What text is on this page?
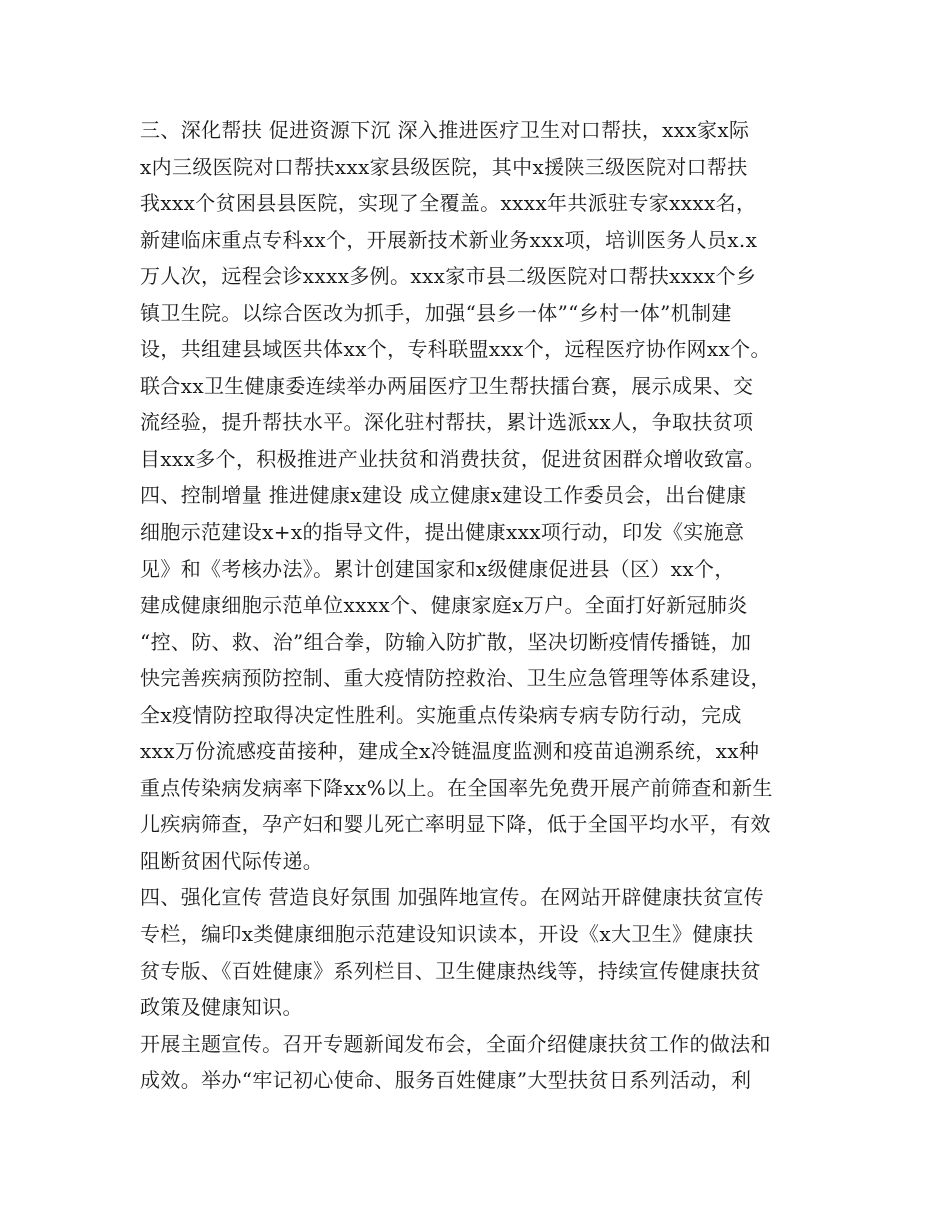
三、深化帮扶 促进资源下沉 深入推进医疗卫生对口帮扶，xxx家x际
x内三级医院对口帮扶xxx家县级医院，其中x援陕三级医院对口帮扶
我xxx个贫困县县医院，实现了全覆盖。xxxx年共派驻专家xxxx名，
新建临床重点专科xx个，开展新技术新业务xxx项，培训医务人员x.x
万人次，远程会诊xxxx多例。xxx家市县二级医院对口帮扶xxxx个乡
镇卫生院。以综合医改为抓手，加强“县乡一体”“乡村一体”机制建
设，共组建县域医共体xx个，专科联盟xxx个，远程医疗协作网xx个。
联合xx卫生健康委连续举办两届医疗卫生帮扶擂台赛，展示成果、交
流经验，提升帮扶水平。深化驻村帮扶，累计选派xx人，争取扶贫项
目xxx多个，积极推进产业扶贫和消费扶贫，促进贫困群众增收致富。
四、控制增量 推进健康x建设 成立健康x建设工作委员会，出台健康
细胞示范建设x+x的指导文件，提出健康xxx项行动，印发《实施意
见》和《考核办法》。累计创建国家和x级健康促进县（区）xx个，
建成健康细胞示范单位xxxx个、健康家庭x万户。全面打好新冠肺炎
“控、防、救、治”组合拳，防输入防扩散，坚决切断疫情传播链，加
快完善疾病预防控制、重大疫情防控救治、卫生应急管理等体系建设，
全x疫情防控取得决定性胜利。实施重点传染病专病专防行动，完成
xxx万份流感疫苗接种，建成全x冷链温度监测和疫苗追溯系统，xx种
重点传染病发病率下降xx%以上。在全国率先免费开展产前筛查和新生
儿疾病筛查，孕产妇和婴儿死亡率明显下降，低于全国平均水平，有效
阻断贫困代际传递。
四、强化宣传 营造良好氛围 加强阵地宣传。在网站开辟健康扶贫宣传
专栏，编印x类健康细胞示范建设知识读本，开设《x大卫生》健康扶
贫专版、《百姓健康》系列栏目、卫生健康热线等，持续宣传健康扶贫
政策及健康知识。
开展主题宣传。召开专题新闻发布会，全面介绍健康扶贫工作的做法和
成效。举办“牢记初心使命、服务百姓健康”大型扶贫日系列活动，利
